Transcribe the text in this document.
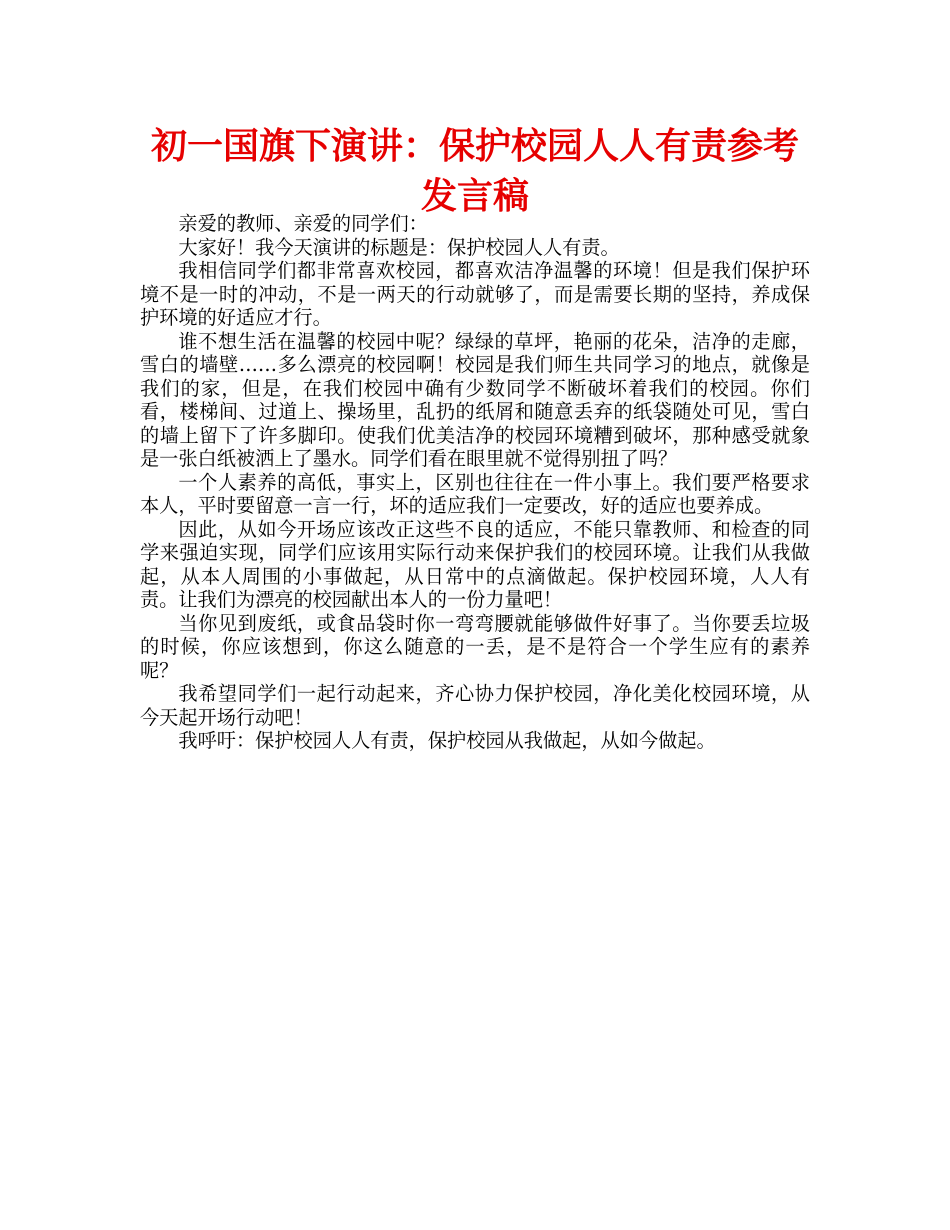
初一国旗下演讲：保护校园人人有责参考发言稿

亲爱的教师、亲爱的同学们：

大家好！我今天演讲的标题是：保护校园人人有责。

我相信同学们都非常喜欢校园，都喜欢洁净温馨的环境！但是我们保护环境不是一时的冲动，不是一两天的行动就够了，而是需要长期的坚持，养成保护环境的好适应才行。

谁不想生活在温馨的校园中呢？绿绿的草坪，艳丽的花朵，洁净的走廊，雪白的墙壁……多么漂亮的校园啊！校园是我们师生共同学习的地点，就像是我们的家，但是，在我们校园中确有少数同学不断破坏着我们的校园。你们看，楼梯间、过道上、操场里，乱扔的纸屑和随意丢弃的纸袋随处可见，雪白的墙上留下了许多脚印。使我们优美洁净的校园环境糟到破坏，那种感受就象是一张白纸被洒上了墨水。同学们看在眼里就不觉得别扭了吗？

一个人素养的高低，事实上，区别也往往在一件小事上。我们要严格要求本人，平时要留意一言一行，坏的适应我们一定要改，好的适应也要养成。

因此，从如今开场应该改正这些不良的适应，不能只靠教师、和检查的同学来强迫实现，同学们应该用实际行动来保护我们的校园环境。让我们从我做起，从本人周围的小事做起，从日常中的点滴做起。保护校园环境，人人有责。让我们为漂亮的校园献出本人的一份力量吧！

当你见到废纸，或食品袋时你一弯弯腰就能够做件好事了。当你要丢垃圾的时候，你应该想到，你这么随意的一丢，是不是符合一个学生应有的素养呢？

我希望同学们一起行动起来，齐心协力保护校园，净化美化校园环境，从今天起开场行动吧！

我呼吁：保护校园人人有责，保护校园从我做起，从如今做起。
